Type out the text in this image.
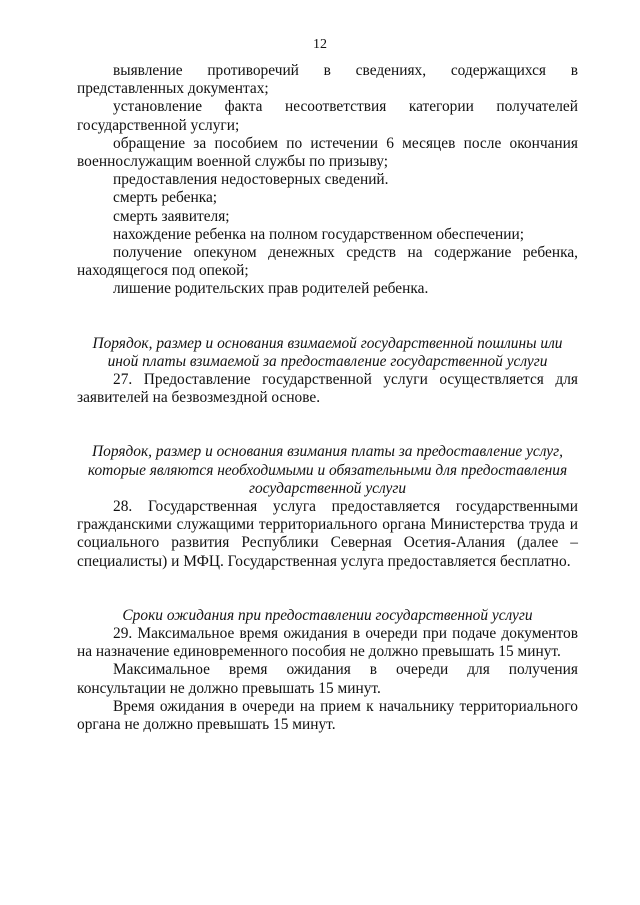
12

выявление противоречий в сведениях, содержащихся в представленных документах;

установление факта несоответствия категории получателей государственной услуги;

обращение за пособием по истечении 6 месяцев после окончания военнослужащим военной службы по призыву;

предоставления недостоверных сведений.

смерть ребенка;

смерть заявителя;

нахождение ребенка на полном государственном обеспечении;

получение опекуном денежных средств на содержание ребенка, находящегося под опекой;

лишение родительских прав родителей ребенка.

Порядок, размер и основания взимаемой государственной пошлины или иной платы взимаемой за предоставление государственной услуги

27. Предоставление государственной услуги осуществляется для заявителей на безвозмездной основе.

Порядок, размер и основания взимания платы за предоставление услуг, которые являются необходимыми и обязательными для предоставления государственной услуги

28. Государственная услуга предоставляется государственными гражданскими служащими территориального органа Министерства труда и социального развития Республики Северная Осетия-Алания (далее – специалисты) и МФЦ. Государственная услуга предоставляется бесплатно.

Сроки ожидания при предоставлении государственной услуги

29. Максимальное время ожидания в очереди при подаче документов на назначение единовременного пособия не должно превышать 15 минут.

Максимальное время ожидания в очереди для получения консультации не должно превышать 15 минут.

Время ожидания в очереди на прием к начальнику территориального органа не должно превышать 15 минут.
